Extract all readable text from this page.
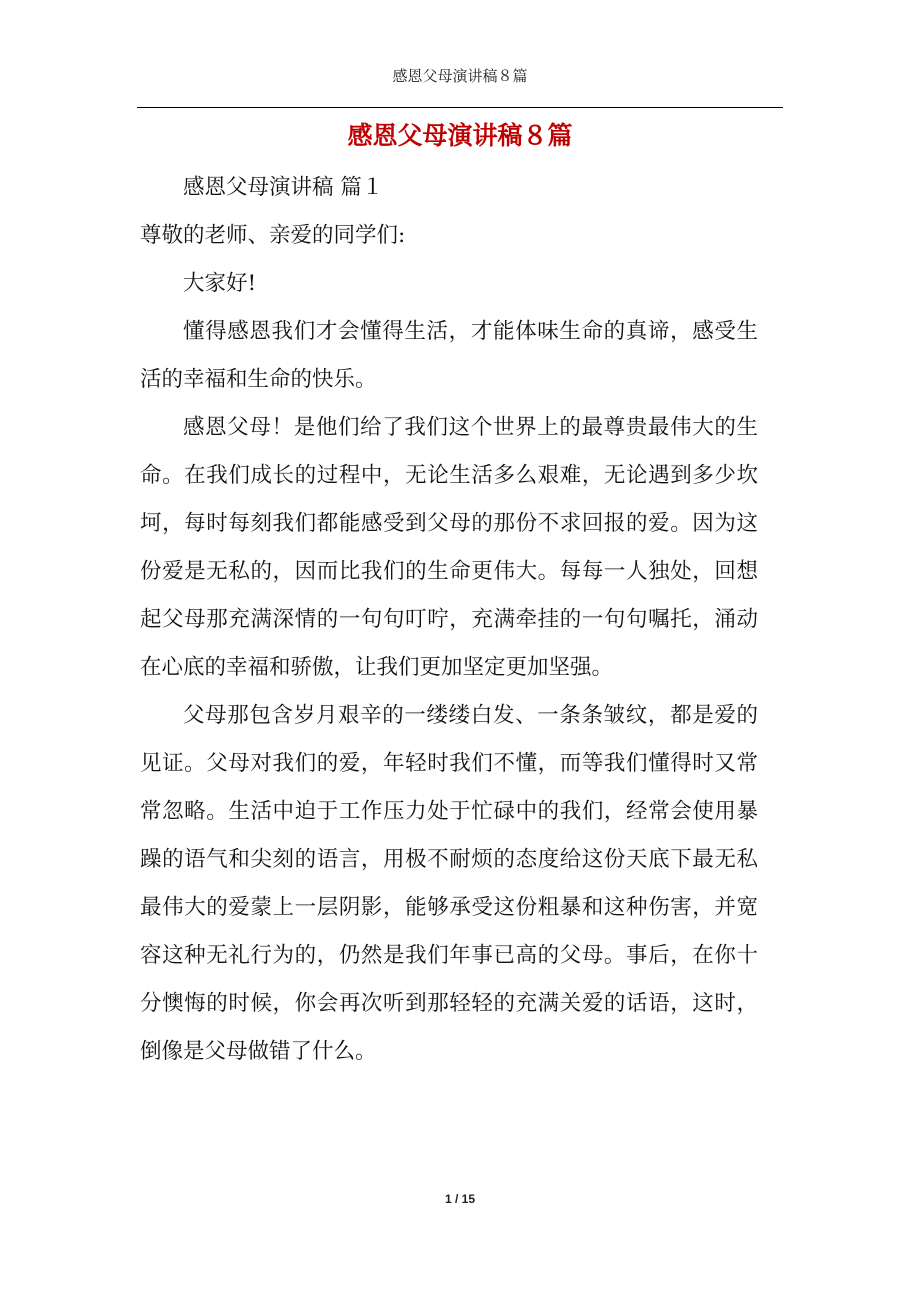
感恩父母演讲稿８篇
感恩父母演讲稿８篇

感恩父母演讲稿 篇１

尊敬的老师、亲爱的同学们:

大家好!

懂得感恩我们才会懂得生活，才能体味生命的真谛，感受生活的幸福和生命的快乐。

感恩父母！是他们给了我们这个世界上的最尊贵最伟大的生命。在我们成长的过程中，无论生活多么艰难，无论遇到多少坎坷，每时每刻我们都能感受到父母的那份不求回报的爱。因为这份爱是无私的，因而比我们的生命更伟大。每每一人独处，回想起父母那充满深情的一句句叮咛，充满牵挂的一句句嘱托，涌动在心底的幸福和骄傲，让我们更加坚定更加坚强。

父母那包含岁月艰辛的一缕缕白发、一条条皱纹，都是爱的见证。父母对我们的爱，年轻时我们不懂，而等我们懂得时又常常忽略。生活中迫于工作压力处于忙碌中的我们，经常会使用暴躁的语气和尖刻的语言，用极不耐烦的态度给这份天底下最无私最伟大的爱蒙上一层阴影，能够承受这份粗暴和这种伤害，并宽容这种无礼行为的，仍然是我们年事已高的父母。事后，在你十分懊悔的时候，你会再次听到那轻轻的充满关爱的话语，这时，倒像是父母做错了什么。

1 / 15
